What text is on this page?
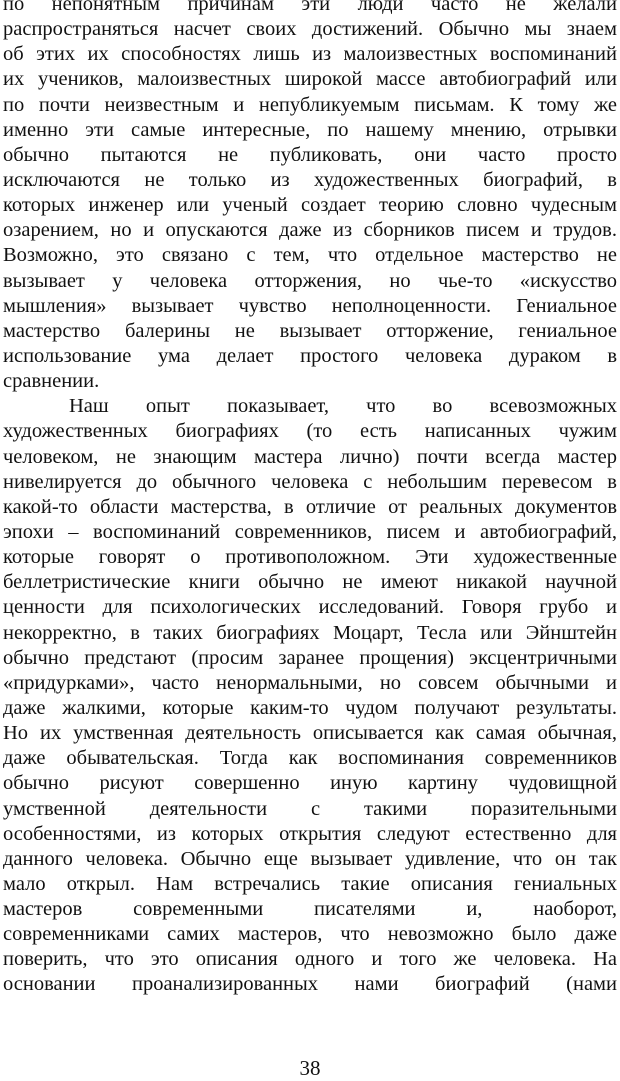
по непонятным причинам эти люди часто не желали
распространяться насчет своих достижений. Обычно мы знаем
об этих их способностях лишь из малоизвестных воспоминаний
их учеников, малоизвестных широкой массе автобиографий или
по почти неизвестным и непубликуемым письмам. К тому же
именно эти самые интересные, по нашему мнению, отрывки
обычно пытаются не публиковать, они часто просто
исключаются не только из художественных биографий, в
которых инженер или ученый создает теорию словно чудесным
озарением, но и опускаются даже из сборников писем и трудов.
Возможно, это связано с тем, что отдельное мастерство не
вызывает у человека отторжения, но чье-то «искусство
мышления» вызывает чувство неполноценности. Гениальное
мастерство балерины не вызывает отторжение, гениальное
использование ума делает простого человека дураком в
сравнении.
Наш опыт показывает, что во всевозможных
художественных биографиях (то есть написанных чужим
человеком, не знающим мастера лично) почти всегда мастер
нивелируется до обычного человека с небольшим перевесом в
какой-то области мастерства, в отличие от реальных документов
эпохи – воспоминаний современников, писем и автобиографий,
которые говорят о противоположном. Эти художественные
беллетристические книги обычно не имеют никакой научной
ценности для психологических исследований. Говоря грубо и
некорректно, в таких биографиях Моцарт, Тесла или Эйнштейн
обычно предстают (просим заранее прощения) эксцентричными
«придурками», часто ненормальными, но совсем обычными и
даже жалкими, которые каким-то чудом получают результаты.
Но их умственная деятельность описывается как самая обычная,
даже обывательская. Тогда как воспоминания современников
обычно рисуют совершенно иную картину чудовищной
умственной деятельности с такими поразительными
особенностями, из которых открытия следуют естественно для
данного человека. Обычно еще вызывает удивление, что он так
мало открыл. Нам встречались такие описания гениальных
мастеров современными писателями и, наоборот,
современниками самих мастеров, что невозможно было даже
поверить, что это описания одного и того же человека. На
основании проанализированных нами биографий (нами
38
